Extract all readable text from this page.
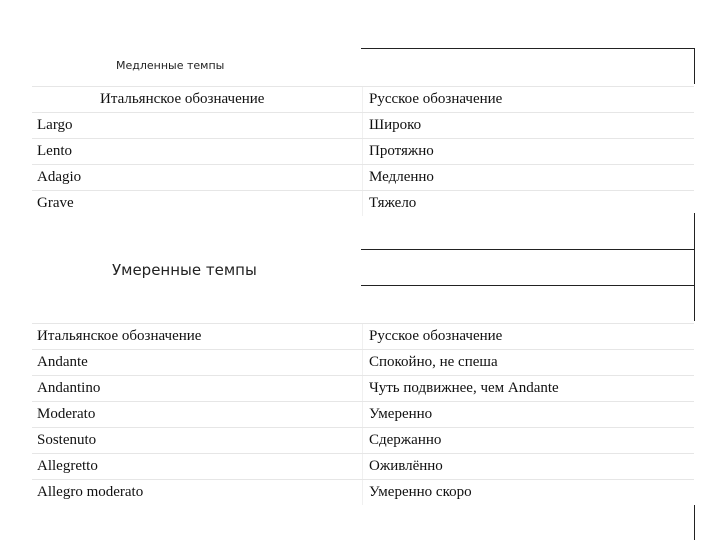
Медленные темпы
Итальянское обозначение	Русское обозначение
Largo	Широко
Lento	Протяжно
Adagio	Медленно
Grave	Тяжело
Умеренные темпы
Итальянское обозначение	Русское обозначение
Andante	Спокойно, не спеша
Andantino	Чуть подвижнее, чем Andante
Moderato	Умеренно
Sostenuto	Сдержанно
Allegretto	Оживлённо
Allegro moderato	Умеренно скоро
